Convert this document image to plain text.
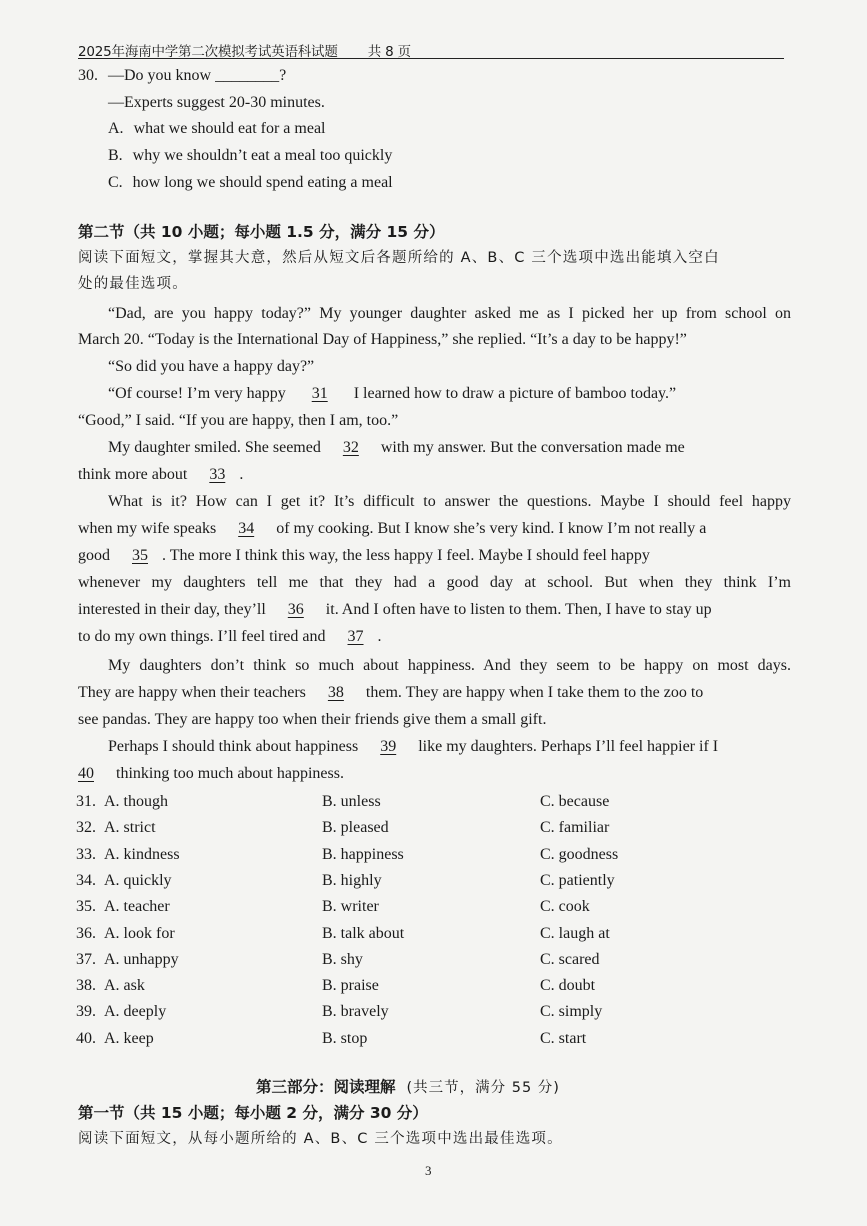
2025年海南中学第二次模拟考试英语科试题 共 8 页
30. —Do you know ________?
—Experts suggest 20-30 minutes.
A. what we should eat for a meal
B. why we shouldn’t eat a meal too quickly
C. how long we should spend eating a meal
第二节（共 10 小题；每小题 1.5 分，满分 15 分）
阅读下面短文，掌握其大意，然后从短文后各题所给的 A、B、C 三个选项中选出能填入空白
处的最佳选项。
“Dad, are you happy today?” My younger daughter asked me as I picked her up from school on
March 20. “Today is the International Day of Happiness,” she replied. “It’s a day to be happy!”
“So did you have a happy day?”
“Of course! I’m very happy 31 I learned how to draw a picture of bamboo today.”
“Good,” I said. “If you are happy, then I am, too.”
My daughter smiled. She seemed 32 with my answer. But the conversation made me
think more about 33 .
What is it? How can I get it? It’s difficult to answer the questions. Maybe I should feel happy
when my wife speaks 34 of my cooking. But I know she’s very kind. I know I’m not really a
good 35 . The more I think this way, the less happy I feel. Maybe I should feel happy
whenever my daughters tell me that they had a good day at school. But when they think I’m
interested in their day, they’ll 36 it. And I often have to listen to them. Then, I have to stay up
to do my own things. I’ll feel tired and 37 .
My daughters don’t think so much about happiness. And they seem to be happy on most days.
They are happy when their teachers 38 them. They are happy when I take them to the zoo to
see pandas. They are happy too when their friends give them a small gift.
Perhaps I should think about happiness 39 like my daughters. Perhaps I’ll feel happier if I
40 thinking too much about happiness.
31. A. though	B. unless	C. because
32. A. strict	B. pleased	C. familiar
33. A. kindness	B. happiness	C. goodness
34. A. quickly	B. highly	C. patiently
35. A. teacher	B. writer	C. cook
36. A. look for	B. talk about	C. laugh at
37. A. unhappy	B. shy	C. scared
38. A. ask	B. praise	C. doubt
39. A. deeply	B. bravely	C. simply
40. A. keep	B. stop	C. start
第三部分：阅读理解 (共三节，满分 55 分)
第一节（共 15 小题；每小题 2 分，满分 30 分）
阅读下面短文，从每小题所给的 A、B、C 三个选项中选出最佳选项。
3
